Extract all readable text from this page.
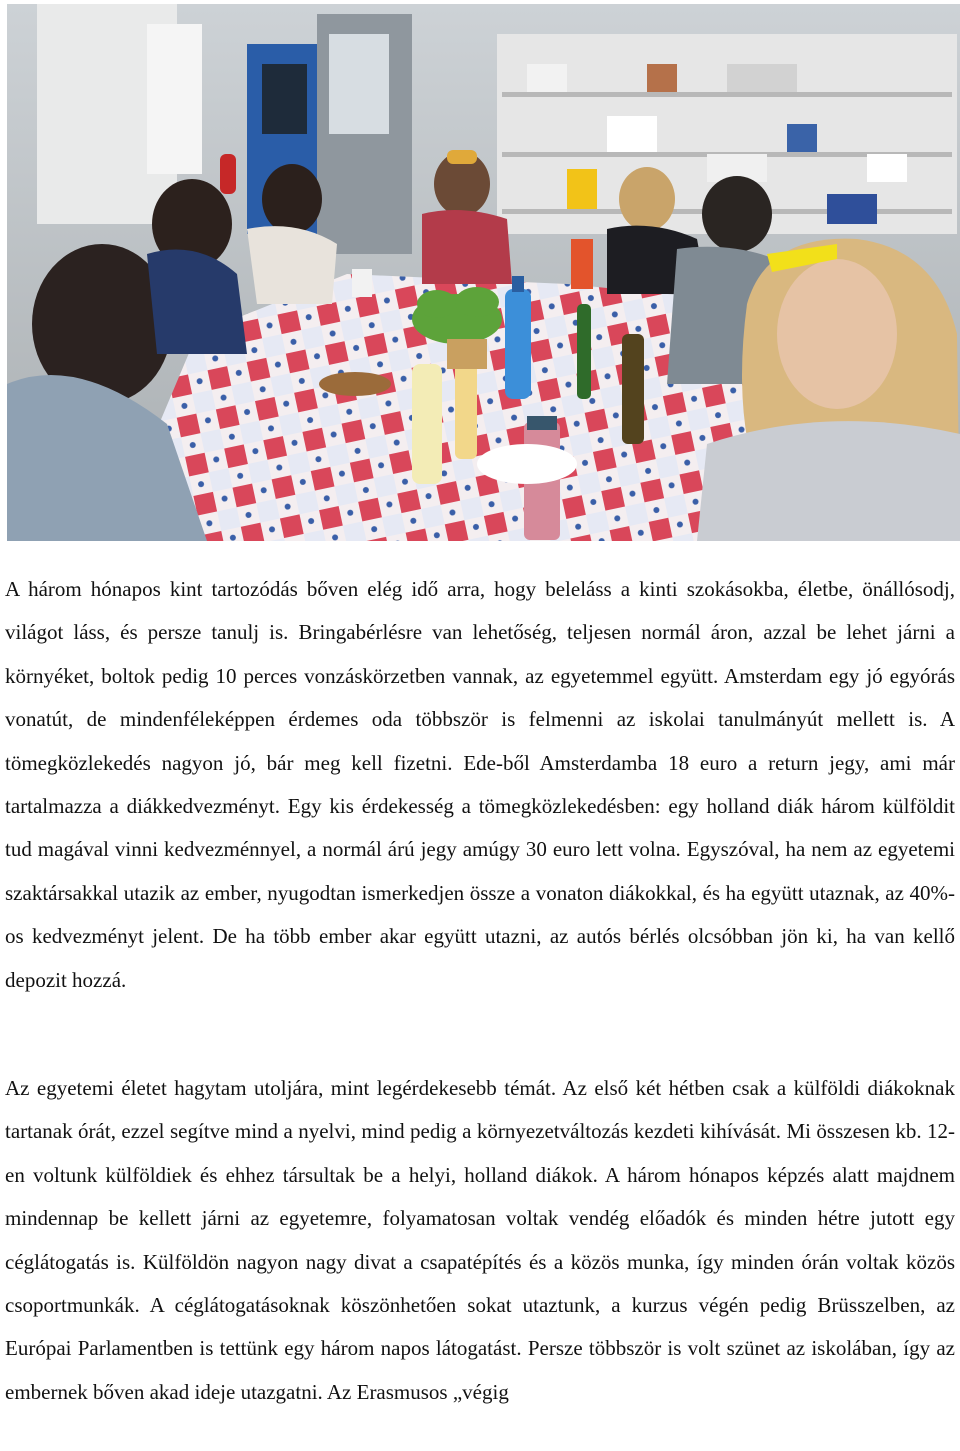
A három hónapos kint tartozódás bőven elég idő arra, hogy beleláss a kinti szokásokba, életbe, önállósodj, világot láss, és persze tanulj is. Bringabérlésre van lehetőség, teljesen normál áron, azzal be lehet járni a környéket, boltok pedig 10 perces vonzáskörzetben vannak, az egyetemmel együtt. Amsterdam egy jó egyórás vonatút, de mindenféleképpen érdemes oda többször is felmenni az iskolai tanulmányút mellett is. A tömegközlekedés nagyon jó, bár meg kell fizetni. Ede-ből Amsterdamba 18 euro a return jegy, ami már tartalmazza a diákkedvezményt. Egy kis érdekesség a tömegközlekedésben: egy holland diák három külföldit tud magával vinni kedvezménnyel, a normál árú jegy amúgy 30 euro lett volna. Egyszóval, ha nem az egyetemi szaktársakkal utazik az ember, nyugodtan ismerkedjen össze a vonaton diákokkal, és ha együtt utaznak, az 40%-os kedvezményt jelent. De ha több ember akar együtt utazni, az autós bérlés olcsóbban jön ki, ha van kellő depozit hozzá.
Az egyetemi életet hagytam utoljára, mint legérdekesebb témát. Az első két hétben csak a külföldi diákoknak tartanak órát, ezzel segítve mind a nyelvi, mind pedig a környezetváltozás kezdeti kihívását. Mi összesen kb. 12-en voltunk külföldiek és ehhez társultak be a helyi, holland diákok. A három hónapos képzés alatt majdnem mindennap be kellett járni az egyetemre, folyamatosan voltak vendég előadók és minden hétre jutott egy céglátogatás is. Külföldön nagyon nagy divat a csapatépítés és a közös munka, így minden órán voltak közös csoportmunkák. A céglátogatásoknak köszönhetően sokat utaztunk, a kurzus végén pedig Brüsszelben, az Európai Parlamentben is tettünk egy három napos látogatást. Persze többször is volt szünet az iskolában, így az embernek bőven akad ideje utazgatni. Az Erasmusos „végig
